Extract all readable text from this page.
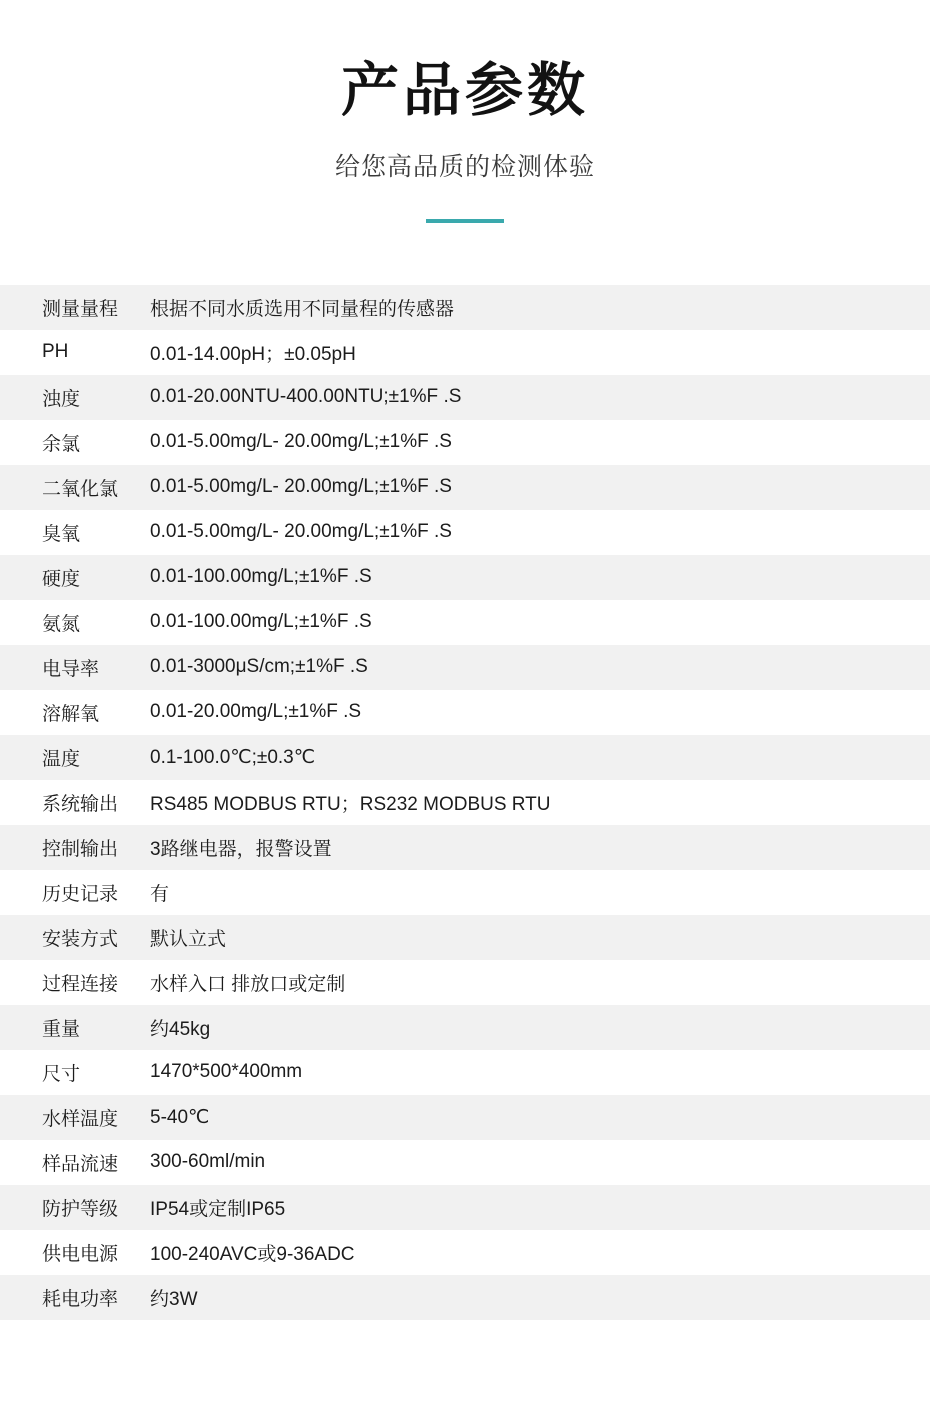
产品参数
给您高品质的检测体验
测量量程	根据不同水质选用不同量程的传感器
PH	0.01-14.00pH；±0.05pH
浊度	0.01-20.00NTU-400.00NTU;±1%F .S
余氯	0.01-5.00mg/L- 20.00mg/L;±1%F .S
二氧化氯	0.01-5.00mg/L- 20.00mg/L;±1%F .S
臭氧	0.01-5.00mg/L- 20.00mg/L;±1%F .S
硬度	0.01-100.00mg/L;±1%F .S
氨氮	0.01-100.00mg/L;±1%F .S
电导率	0.01-3000μS/cm;±1%F .S
溶解氧	0.01-20.00mg/L;±1%F .S
温度	0.1-100.0℃;±0.3℃
系统输出	RS485 MODBUS RTU；RS232 MODBUS RTU
控制输出	3路继电器，报警设置
历史记录	有
安装方式	默认立式
过程连接	水样入口 排放口或定制
重量	约45kg
尺寸	1470*500*400mm
水样温度	5-40℃
样品流速	300-60ml/min
防护等级	IP54或定制IP65
供电电源	100-240AVC或9-36ADC
耗电功率	约3W
